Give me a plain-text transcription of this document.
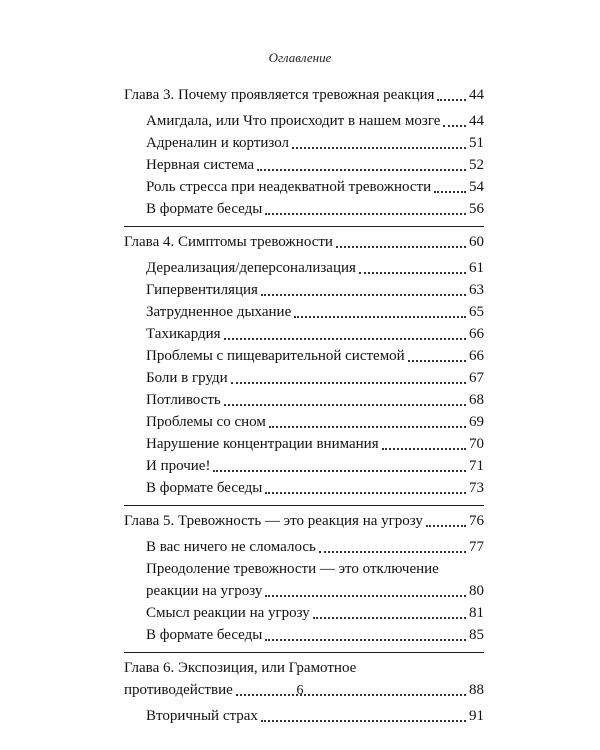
Оглавление
Глава 3. Почему проявляется тревожная реакция 44
Амигдала, или Что происходит в нашем мозге 44
Адреналин и кортизол	51
Нервная система	52
Роль стресса при неадекватной тревожности	54
В формате беседы	56
Глава 4. Симптомы тревожности	60
Дереализация/деперсонализация	61
Гипервентиляция	63
Затрудненное дыхание	65
Тахикардия	66
Проблемы с пищеварительной системой	66
Боли в груди	67
Потливость	68
Проблемы со сном	69
Нарушение концентрации внимания	70
И прочие!	71
В формате беседы	73
Глава 5. Тревожность — это реакция на угрозу	76
В вас ничего не сломалось	77
Преодоление тревожности — это отключение
реакции на угрозу	80
Смысл реакции на угрозу	81
В формате беседы	85
Глава 6. Экспозиция, или Грамотное
противодействие	88
Вторичный страх	91
6
